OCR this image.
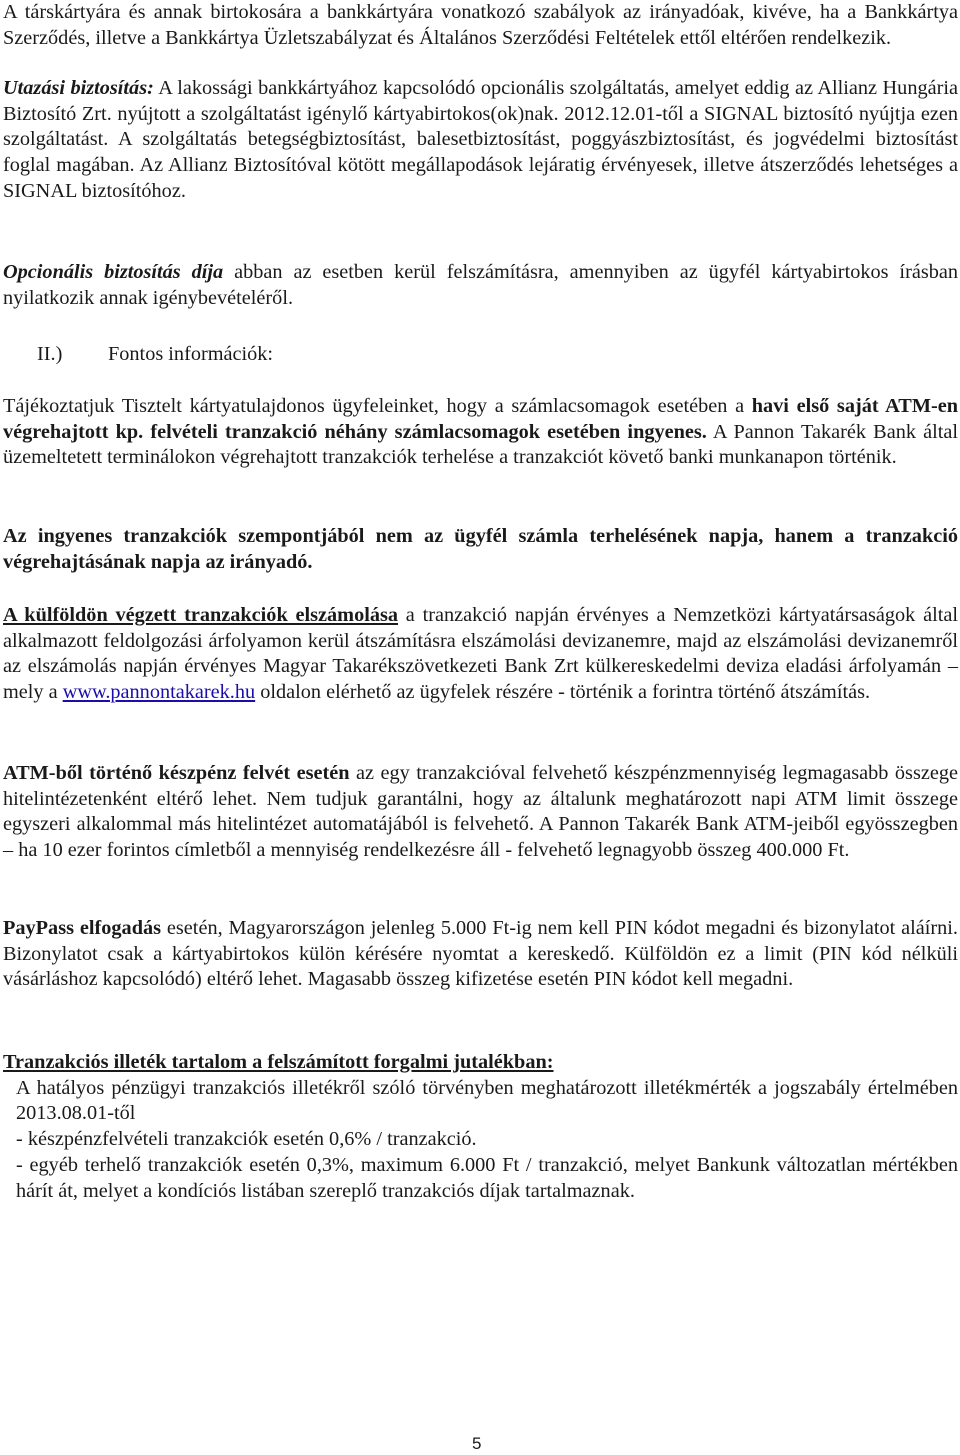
A társkártyára és annak birtokosára a bankkártyára vonatkozó szabályok az irányadóak, kivéve, ha a Bankkártya Szerződés, illetve a Bankkártya Üzletszabályzat és Általános Szerződési Feltételek ettől eltérően rendelkezik.
Utazási biztosítás: A lakossági bankkártyához kapcsolódó opcionális szolgáltatás, amelyet eddig az Allianz Hungária Biztosító Zrt. nyújtott a szolgáltatást igénylő kártyabirtokos(ok)nak. 2012.12.01-től a SIGNAL biztosító nyújtja ezen szolgáltatást. A szolgáltatás betegségbiztosítást, balesetbiztosítást, poggyászbiztosítást, és jogvédelmi biztosítást foglal magában. Az Allianz Biztosítóval kötött megállapodások lejáratig érvényesek, illetve átszerződés lehetséges a SIGNAL biztosítóhoz.
Opcionális biztosítás díja abban az esetben kerül felszámításra, amennyiben az ügyfél kártyabirtokos írásban nyilatkozik annak igénybevételéről.
II.) Fontos információk:
Tájékoztatjuk Tisztelt kártyatulajdonos ügyfeleinket, hogy a számlacsomagok esetében a havi első saját ATM-en végrehajtott kp. felvételi tranzakció néhány számlacsomagok esetében ingyenes. A Pannon Takarék Bank által üzemeltetett terminálokon végrehajtott tranzakciók terhelése a tranzakciót követő banki munkanapon történik.
Az ingyenes tranzakciók szempontjából nem az ügyfél számla terhelésének napja, hanem a tranzakció végrehajtásának napja az irányadó.
A külföldön végzett tranzakciók elszámolása a tranzakció napján érvényes a Nemzetközi kártyatársaságok által alkalmazott feldolgozási árfolyamon kerül átszámításra elszámolási devizanemre, majd az elszámolási devizanemről az elszámolás napján érvényes Magyar Takarékszövetkezeti Bank Zrt külkereskedelmi deviza eladási árfolyamán – mely a www.pannontakarek.hu oldalon elérhető az ügyfelek részére - történik a forintra történő átszámítás.
ATM-ből történő készpénz felvét esetén az egy tranzakcióval felvehető készpénzmennyiség legmagasabb összege hitelintézetenként eltérő lehet. Nem tudjuk garantálni, hogy az általunk meghatározott napi ATM limit összege egyszeri alkalommal más hitelintézet automatájából is felvehető. A Pannon Takarék Bank ATM-jeiből egyösszegben – ha 10 ezer forintos címletből a mennyiség rendelkezésre áll - felvehető legnagyobb összeg 400.000 Ft.
PayPass elfogadás esetén, Magyarországon jelenleg 5.000 Ft-ig nem kell PIN kódot megadni és bizonylatot aláírni. Bizonylatot csak a kártyabirtokos külön kérésére nyomtat a kereskedő. Külföldön ez a limit (PIN kód nélküli vásárláshoz kapcsolódó) eltérő lehet. Magasabb összeg kifizetése esetén PIN kódot kell megadni.
Tranzakciós illeték tartalom a felszámított forgalmi jutalékban:
A hatályos pénzügyi tranzakciós illetékről szóló törvényben meghatározott illetékmérték a jogszabály értelmében 2013.08.01-től
- készpénzfelvételi tranzakciók esetén 0,6% / tranzakció.
- egyéb terhelő tranzakciók esetén 0,3%, maximum 6.000 Ft / tranzakció, melyet Bankunk változatlan mértékben hárít át, melyet a kondíciós listában szereplő tranzakciós díjak tartalmaznak.
5
